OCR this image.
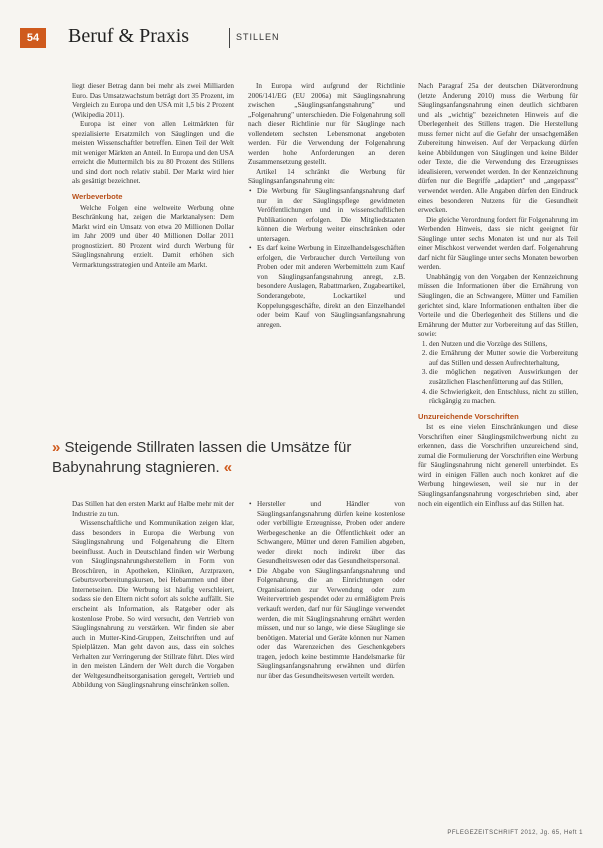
54	Beruf & Praxis	STILLEN

liegt dieser Betrag dann bei mehr als zwei Milliarden Euro. Das Umsatzwachstum beträgt dort 35 Prozent, im Vergleich zu Europa und den USA mit 1,5 bis 2 Prozent (Wikipedia 2011).

Europa ist einer von allen Leitmärkten für spezialisierte Ersatzmilch von Säuglingen und die meisten Wissenschaftler betreffen. Einen Teil der Welt mit weniger Märkten an Anteil. In Europa und den USA erreicht die Muttermilch bis zu 80 Prozent des Stillens und sind dort noch relativ stabil. Der Markt wird hier als gesättigt bezeichnet.

Werbeverbote

Welche Folgen eine weltweite Werbung ohne Beschränkung hat, zeigen die Marktanalysen: Dem Markt wird ein Umsatz von etwa 20 Millionen Dollar im Jahr 2009 und über 40 Millionen Dollar 2011 prognostiziert. 80 Prozent wird durch Werbung für Säuglingsnahrung erzielt. Damit erhöhen sich Vermarktungsstrategien und Anteile am Markt.

In Europa wird aufgrund der Richtlinie 2006/141/EG (EU 2006a) mit Säuglingsnahrung zwischen „Säuglingsanfangsnahrung" und „Folgenahrung" unterschieden. Die Folgenahrung soll nach dieser Richtlinie nur für Säuglinge nach vollendetem sechsten Lebensmonat angeboten werden. Für die Verwendung der Folgenahrung werden hohe Anforderungen an deren Zusammensetzung gestellt.

Artikel 14 schränkt die Werbung für Säuglingsanfangsnahrung ein:

• Die Werbung für Säuglingsanfangsnahrung darf nur in der Säuglingspflege gewidmeten Veröffentlichungen und in wissenschaftlichen Publikationen erfolgen. Die Mitgliedstaaten können die Werbung weiter einschränken oder untersagen.
• Es darf keine Werbung in Einzelhandelsgeschäften erfolgen, die Verbraucher durch Verteilung von Proben oder mit anderen Werbemitteln zum Kauf von Säuglingsanfangsnahrung anregt, z.B. besondere Auslagen, Rabattmarken, Zugabeartikel, Sonderangebote, Lockartikel und Koppelungsgeschäfte, direkt an den Einzelhandel oder beim Kauf von Säuglingsanfangsnahrung anregen.

Nach Paragraf 25a der deutschen Diätverordnung (letzte Änderung 2010) muss die Werbung für Säuglingsanfangsnahrung einen deutlich sichtbaren und als „wichtig" bezeichneten Hinweis auf die Überlegenheit des Stillens tragen. Die Herstellung muss ferner nicht auf die Gefahr der unsachgemäßen Zubereitung hinweisen. Auf der Verpackung dürfen keine Abbildungen von Säuglingen und keine Bilder oder Texte, die die Verwendung des Erzeugnisses idealisieren, verwendet werden. In der Kennzeichnung dürfen nur die Begriffe „adaptiert" und „angepasst" verwendet werden. Alle Angaben dürfen den Eindruck eines besonderen Nutzens für die Gesundheit erwecken.

Die gleiche Verordnung fordert für Folgenahrung im Werbenden Hinweis, dass sie nicht geeignet für Säuglinge unter sechs Monaten ist und nur als Teil einer Mischkost verwendet werden darf. Folgenahrung darf nicht für Säuglinge unter sechs Monaten beworben werden.

Unabhängig von den Vorgaben der Kennzeichnung müssen die Informationen über die Ernährung von Säuglingen, die an Schwangere, Mütter und Familien gerichtet sind, klare Informationen enthalten über die Vorteile und die Überlegenheit des Stillens und die Ernährung der Mutter zur Vorbereitung auf das Stillen, sowie:

1. den Nutzen und die Vorzüge des Stillens,
2. die Ernährung der Mutter sowie die Vorbereitung auf das Stillen und dessen Aufrechterhaltung,
3. die möglichen negativen Auswirkungen der zusätzlichen Flaschenfütterung auf das Stillen,
4. die Schwierigkeit, den Entschluss, nicht zu stillen, rückgängig zu machen.
Unzureichende Vorschriften

Ist es eine vielen Einschränkungen und diese Vorschriften einer Säuglingsmilchwerbung nicht zu erkennen, dass die Vorschriften unzureichend sind, zumal die Formulierung der Vorschriften eine Werbung für Säuglingsnahrung nicht generell unterbindet. Es wird in einigen Fällen auch noch konkret auf die Werbung hingewiesen, weil sie nur in der Säuglingsanfangsnahrung vorgeschrieben sind, aber noch ein eigentlich ein Einfluss auf das Stillen hat.

» Steigende Stillraten lassen die Umsätze für Babynahrung stagnieren. «

Das Stillen hat den ersten Markt auf Halbe mehr mit der Industrie zu tun.

Wissenschaftliche und Kommunikation zeigen klar, dass besonders in Europa die Werbung von Säuglingsnahrung und Folgenahrung die Eltern beeinflusst. Auch in Deutschland finden wir Werbung von Säuglingsnahrungsherstellern in Form von Broschüren, in Apotheken, Kliniken, Arztpraxen, Geburtsvorbereitungskursen, bei Hebammen und über Internetseiten. Die Werbung ist häufig verschleiert, sodass sie den Eltern nicht sofort als solche auffällt. Sie erscheint als Information, als Ratgeber oder als kostenlose Probe. So wird versucht, den Vertrieb von Säuglingsnahrung zu verstärken. Wir finden sie aber auch in Mutter-Kind-Gruppen, Zeitschriften und auf Spielplätzen. Man geht davon aus, dass ein solches Verhalten zur Verringerung der Stillrate führt. Dies wird in den meisten Ländern der Welt durch die Vorgaben der Weltgesundheitsorganisation geregelt, Vertrieb und Abbildung von Säuglingsnahrung einschränken sollen.

• Hersteller und Händler von Säuglingsanfangsnahrung dürfen keine kostenlose oder verbilligte Erzeugnisse, Proben oder andere Werbegeschenke an die Öffentlichkeit oder an Schwangere, Mütter und deren Familien abgeben, weder direkt noch indirekt über das Gesundheitswesen oder das Gesundheitspersonal.
• Die Abgabe von Säuglingsanfangsnahrung und Folgenahrung, die an Einrichtungen oder Organisationen zur Verwendung oder zum Weitervertrieb gespendet oder zu ermäßigtem Preis verkauft werden, darf nur für Säuglinge verwendet werden, die mit Säuglingsnahrung ernährt werden müssen, und nur so lange, wie diese Säuglinge sie benötigen. Material und Geräte können nur Namen oder das Warenzeichen des Geschenkgebers tragen, jedoch keine bestimmte Handelsmarke für Säuglingsanfangsnahrung erwähnen und dürfen nur über das Gesundheitswesen verteilt werden.
PFLEGEZEITSCHRIFT 2012, Jg. 65, Heft 1
